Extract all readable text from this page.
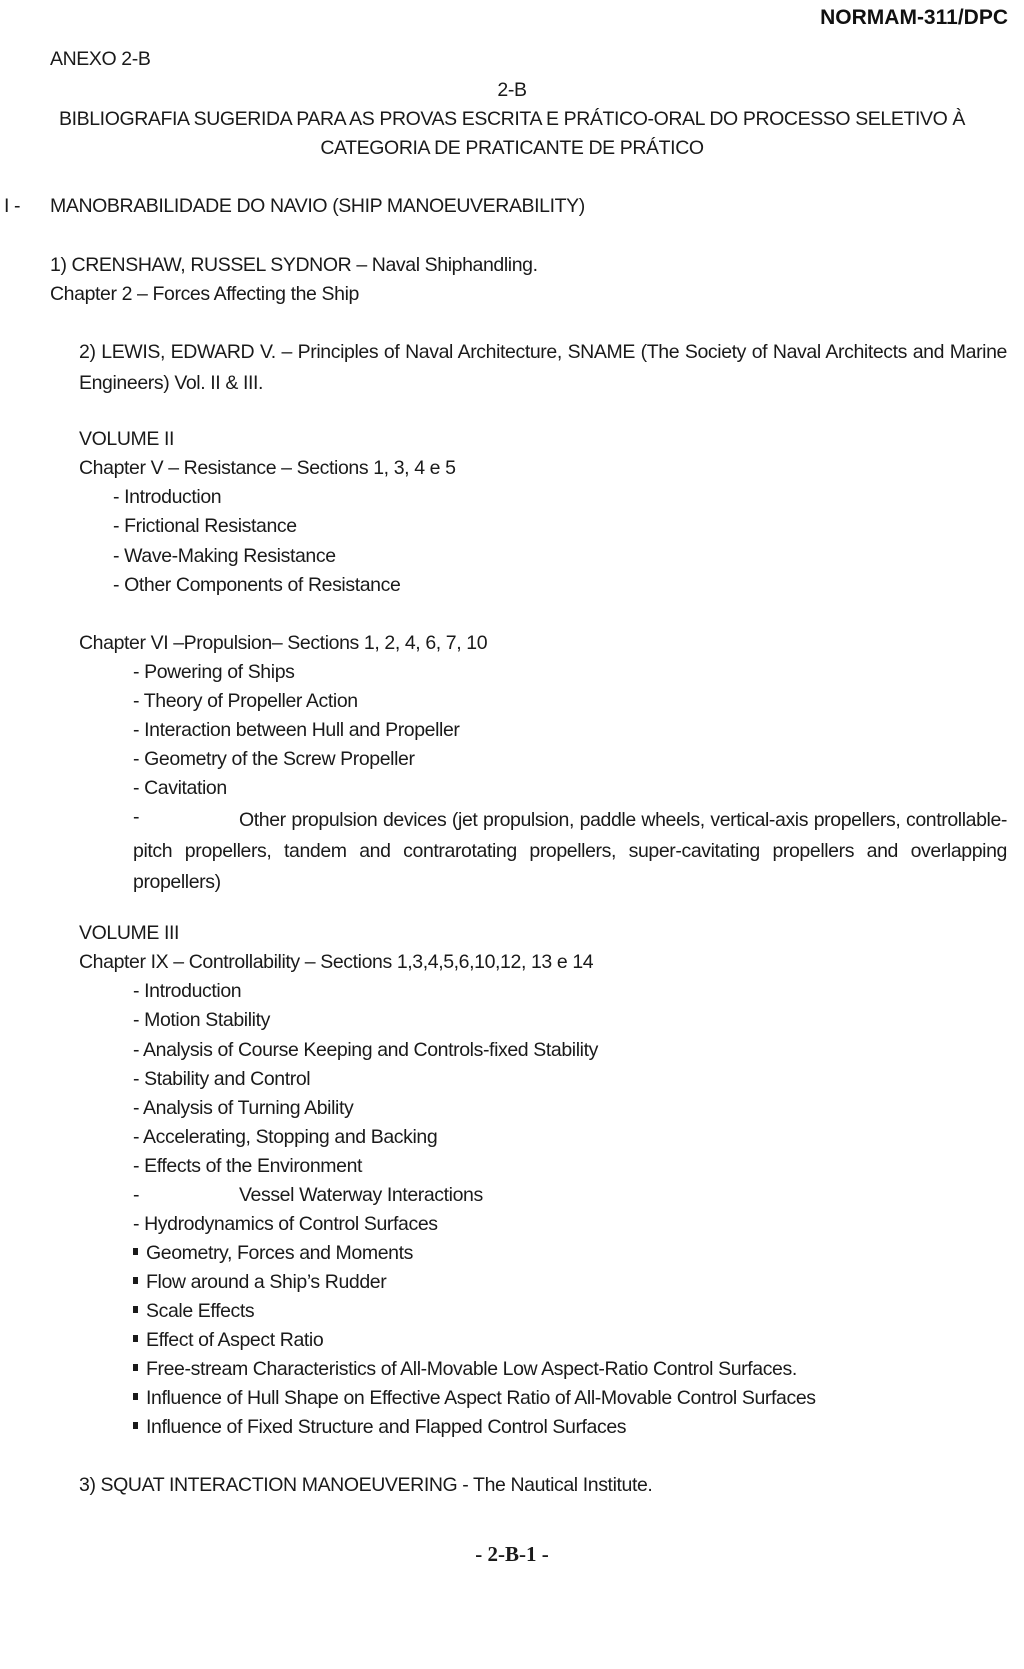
NORMAM-311/DPC
ANEXO 2-B
2-B
BIBLIOGRAFIA SUGERIDA PARA AS PROVAS ESCRITA E PRÁTICO-ORAL DO PROCESSO SELETIVO À
CATEGORIA DE PRATICANTE DE PRÁTICO
I - MANOBRABILIDADE DO NAVIO (SHIP MANOEUVERABILITY)
1) CRENSHAW, RUSSEL SYDNOR – Naval Shiphandling.
Chapter 2 – Forces Affecting the Ship
2) LEWIS, EDWARD V. – Principles of Naval Architecture, SNAME (The Society of Naval Architects and Marine Engineers) Vol. II & III.
VOLUME II
Chapter V – Resistance – Sections 1, 3, 4 e 5
- Introduction
- Frictional Resistance
- Wave-Making Resistance
- Other Components of Resistance
Chapter VI –Propulsion– Sections 1, 2, 4, 6, 7, 10
- Powering of Ships
- Theory of Propeller Action
- Interaction between Hull and Propeller
- Geometry of the Screw Propeller
- Cavitation
-	Other propulsion devices (jet propulsion, paddle wheels, vertical-axis propellers, controllable-pitch propellers, tandem and contrarotating propellers, super-cavitating propellers and overlapping propellers)
VOLUME III
Chapter IX – Controllability – Sections 1,3,4,5,6,10,12, 13 e 14
- Introduction
- Motion Stability
- Analysis of Course Keeping and Controls-fixed Stability
- Stability and Control
- Analysis of Turning Ability
- Accelerating, Stopping and Backing
- Effects of the Environment
-	Vessel Waterway Interactions
- Hydrodynamics of Control Surfaces
Geometry, Forces and Moments
Flow around a Ship’s Rudder
Scale Effects
Effect of Aspect Ratio
Free-stream Characteristics of All-Movable Low Aspect-Ratio Control Surfaces.
Influence of Hull Shape on Effective Aspect Ratio of All-Movable Control Surfaces
Influence of Fixed Structure and Flapped Control Surfaces
3) SQUAT INTERACTION MANOEUVERING - The Nautical Institute.
- 2-B-1 -
